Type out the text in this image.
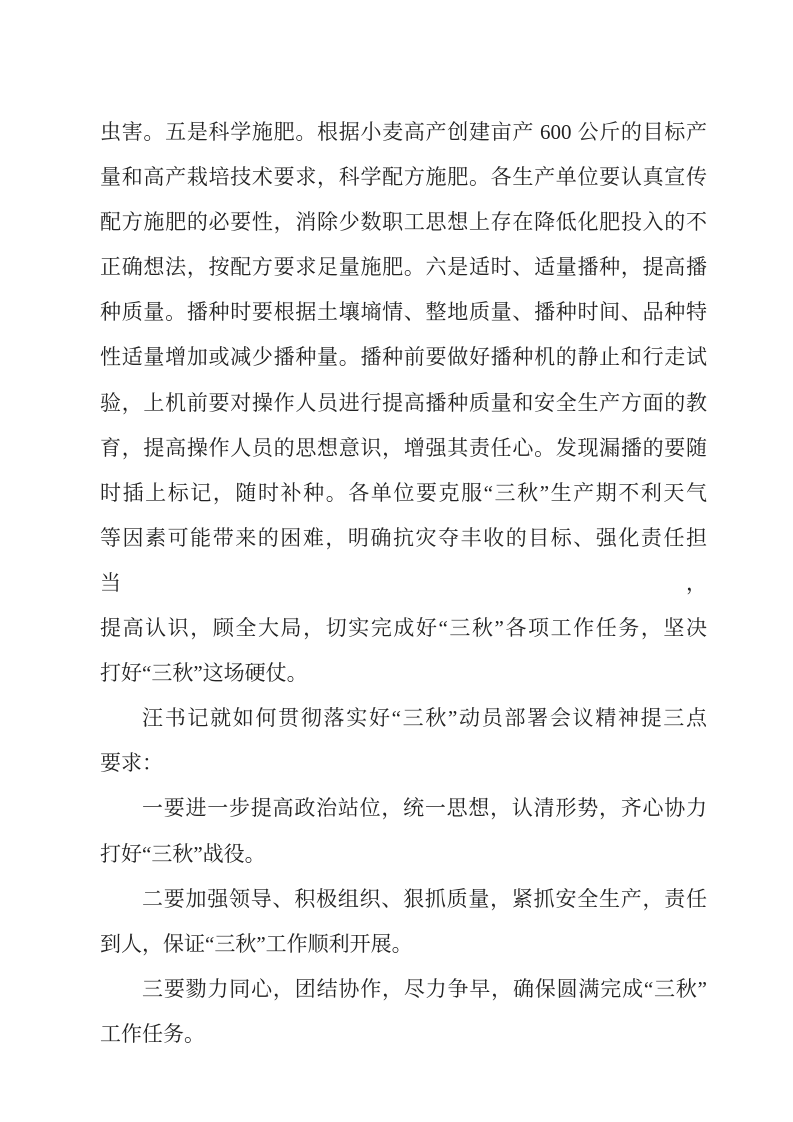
虫害。五是科学施肥。根据小麦高产创建亩产 600 公斤的目标产
量和高产栽培技术要求，科学配方施肥。各生产单位要认真宣传
配方施肥的必要性，消除少数职工思想上存在降低化肥投入的不
正确想法，按配方要求足量施肥。六是适时、适量播种，提高播
种质量。播种时要根据土壤墒情、整地质量、播种时间、品种特
性适量增加或减少播种量。播种前要做好播种机的静止和行走试
验，上机前要对操作人员进行提高播种质量和安全生产方面的教
育，提高操作人员的思想意识，增强其责任心。发现漏播的要随
时插上标记，随时补种。各单位要克服“三秋”生产期不利天气
等因素可能带来的困难，明确抗灾夺丰收的目标、强化责任担当，
提高认识，顾全大局，切实完成好“三秋”各项工作任务，坚决
打好“三秋”这场硬仗。
汪书记就如何贯彻落实好“三秋”动员部署会议精神提三点
要求：
一要进一步提高政治站位，统一思想，认清形势，齐心协力
打好“三秋”战役。
二要加强领导、积极组织、狠抓质量，紧抓安全生产，责任
到人，保证“三秋”工作顺利开展。
三要勠力同心，团结协作，尽力争早，确保圆满完成“三秋”
工作任务。
